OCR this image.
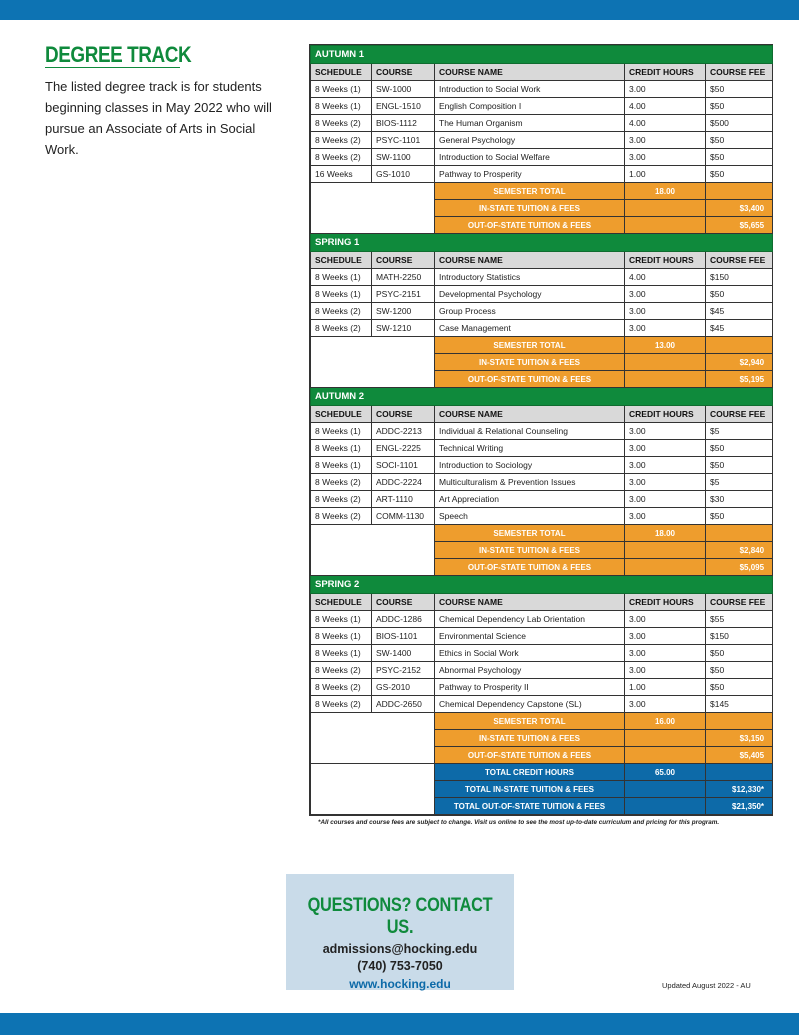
DEGREE TRACK

The listed degree track is for students beginning classes in May 2022 who will pursue an Associate of Arts in Social Work.

AUTUMN 1				
SCHEDULE	COURSE	COURSE NAME	CREDIT HOURS	COURSE FEE
8 Weeks (1)	SW-1000	Introduction to Social Work	3.00	$50
8 Weeks (1)	ENGL-1510	English Composition I	4.00	$50
8 Weeks (2)	BIOS-1112	The Human Organism	4.00	$500
8 Weeks (2)	PSYC-1101	General Psychology	3.00	$50
8 Weeks (2)	SW-1100	Introduction to Social Welfare	3.00	$50
16 Weeks	GS-1010	Pathway to Prosperity	1.00	$50
		SEMESTER TOTAL	18.00	
		IN-STATE TUITION & FEES		$3,400
		OUT-OF-STATE TUITION & FEES		$5,655
SPRING 1				
SCHEDULE	COURSE	COURSE NAME	CREDIT HOURS	COURSE FEE
8 Weeks (1)	MATH-2250	Introductory Statistics	4.00	$150
8 Weeks (1)	PSYC-2151	Developmental Psychology	3.00	$50
8 Weeks (2)	SW-1200	Group Process	3.00	$45
8 Weeks (2)	SW-1210	Case Management	3.00	$45
		SEMESTER TOTAL	13.00	
		IN-STATE TUITION & FEES		$2,940
		OUT-OF-STATE TUITION & FEES		$5,195
AUTUMN 2				
SCHEDULE	COURSE	COURSE NAME	CREDIT HOURS	COURSE FEE
8 Weeks (1)	ADDC-2213	Individual & Relational Counseling	3.00	$5
8 Weeks (1)	ENGL-2225	Technical Writing	3.00	$50
8 Weeks (1)	SOCI-1101	Introduction to Sociology	3.00	$50
8 Weeks (2)	ADDC-2224	Multiculturalism & Prevention Issues	3.00	$5
8 Weeks (2)	ART-1110	Art Appreciation	3.00	$30
8 Weeks (2)	COMM-1130	Speech	3.00	$50
		SEMESTER TOTAL	18.00	
		IN-STATE TUITION & FEES		$2,840
		OUT-OF-STATE TUITION & FEES		$5,095
SPRING 2				
SCHEDULE	COURSE	COURSE NAME	CREDIT HOURS	COURSE FEE
8 Weeks (1)	ADDC-1286	Chemical Dependency Lab Orientation	3.00	$55
8 Weeks (1)	BIOS-1101	Environmental Science	3.00	$150
8 Weeks (1)	SW-1400	Ethics in Social Work	3.00	$50
8 Weeks (2)	PSYC-2152	Abnormal Psychology	3.00	$50
8 Weeks (2)	GS-2010	Pathway to Prosperity II	1.00	$50
8 Weeks (2)	ADDC-2650	Chemical Dependency Capstone (SL)	3.00	$145
		SEMESTER TOTAL	16.00	
		IN-STATE TUITION & FEES		$3,150
		OUT-OF-STATE TUITION & FEES		$5,405
		TOTAL CREDIT HOURS	65.00	
		TOTAL IN-STATE TUITION & FEES		$12,330*
		TOTAL OUT-OF-STATE TUITION & FEES		$21,350*
*All courses and course fees are subject to change. Visit us online to see the most up-to-date curriculum and pricing for this program.
QUESTIONS? CONTACT US.
admissions@hocking.edu
(740) 753-7050
www.hocking.edu	Updated August 2022 - AU
